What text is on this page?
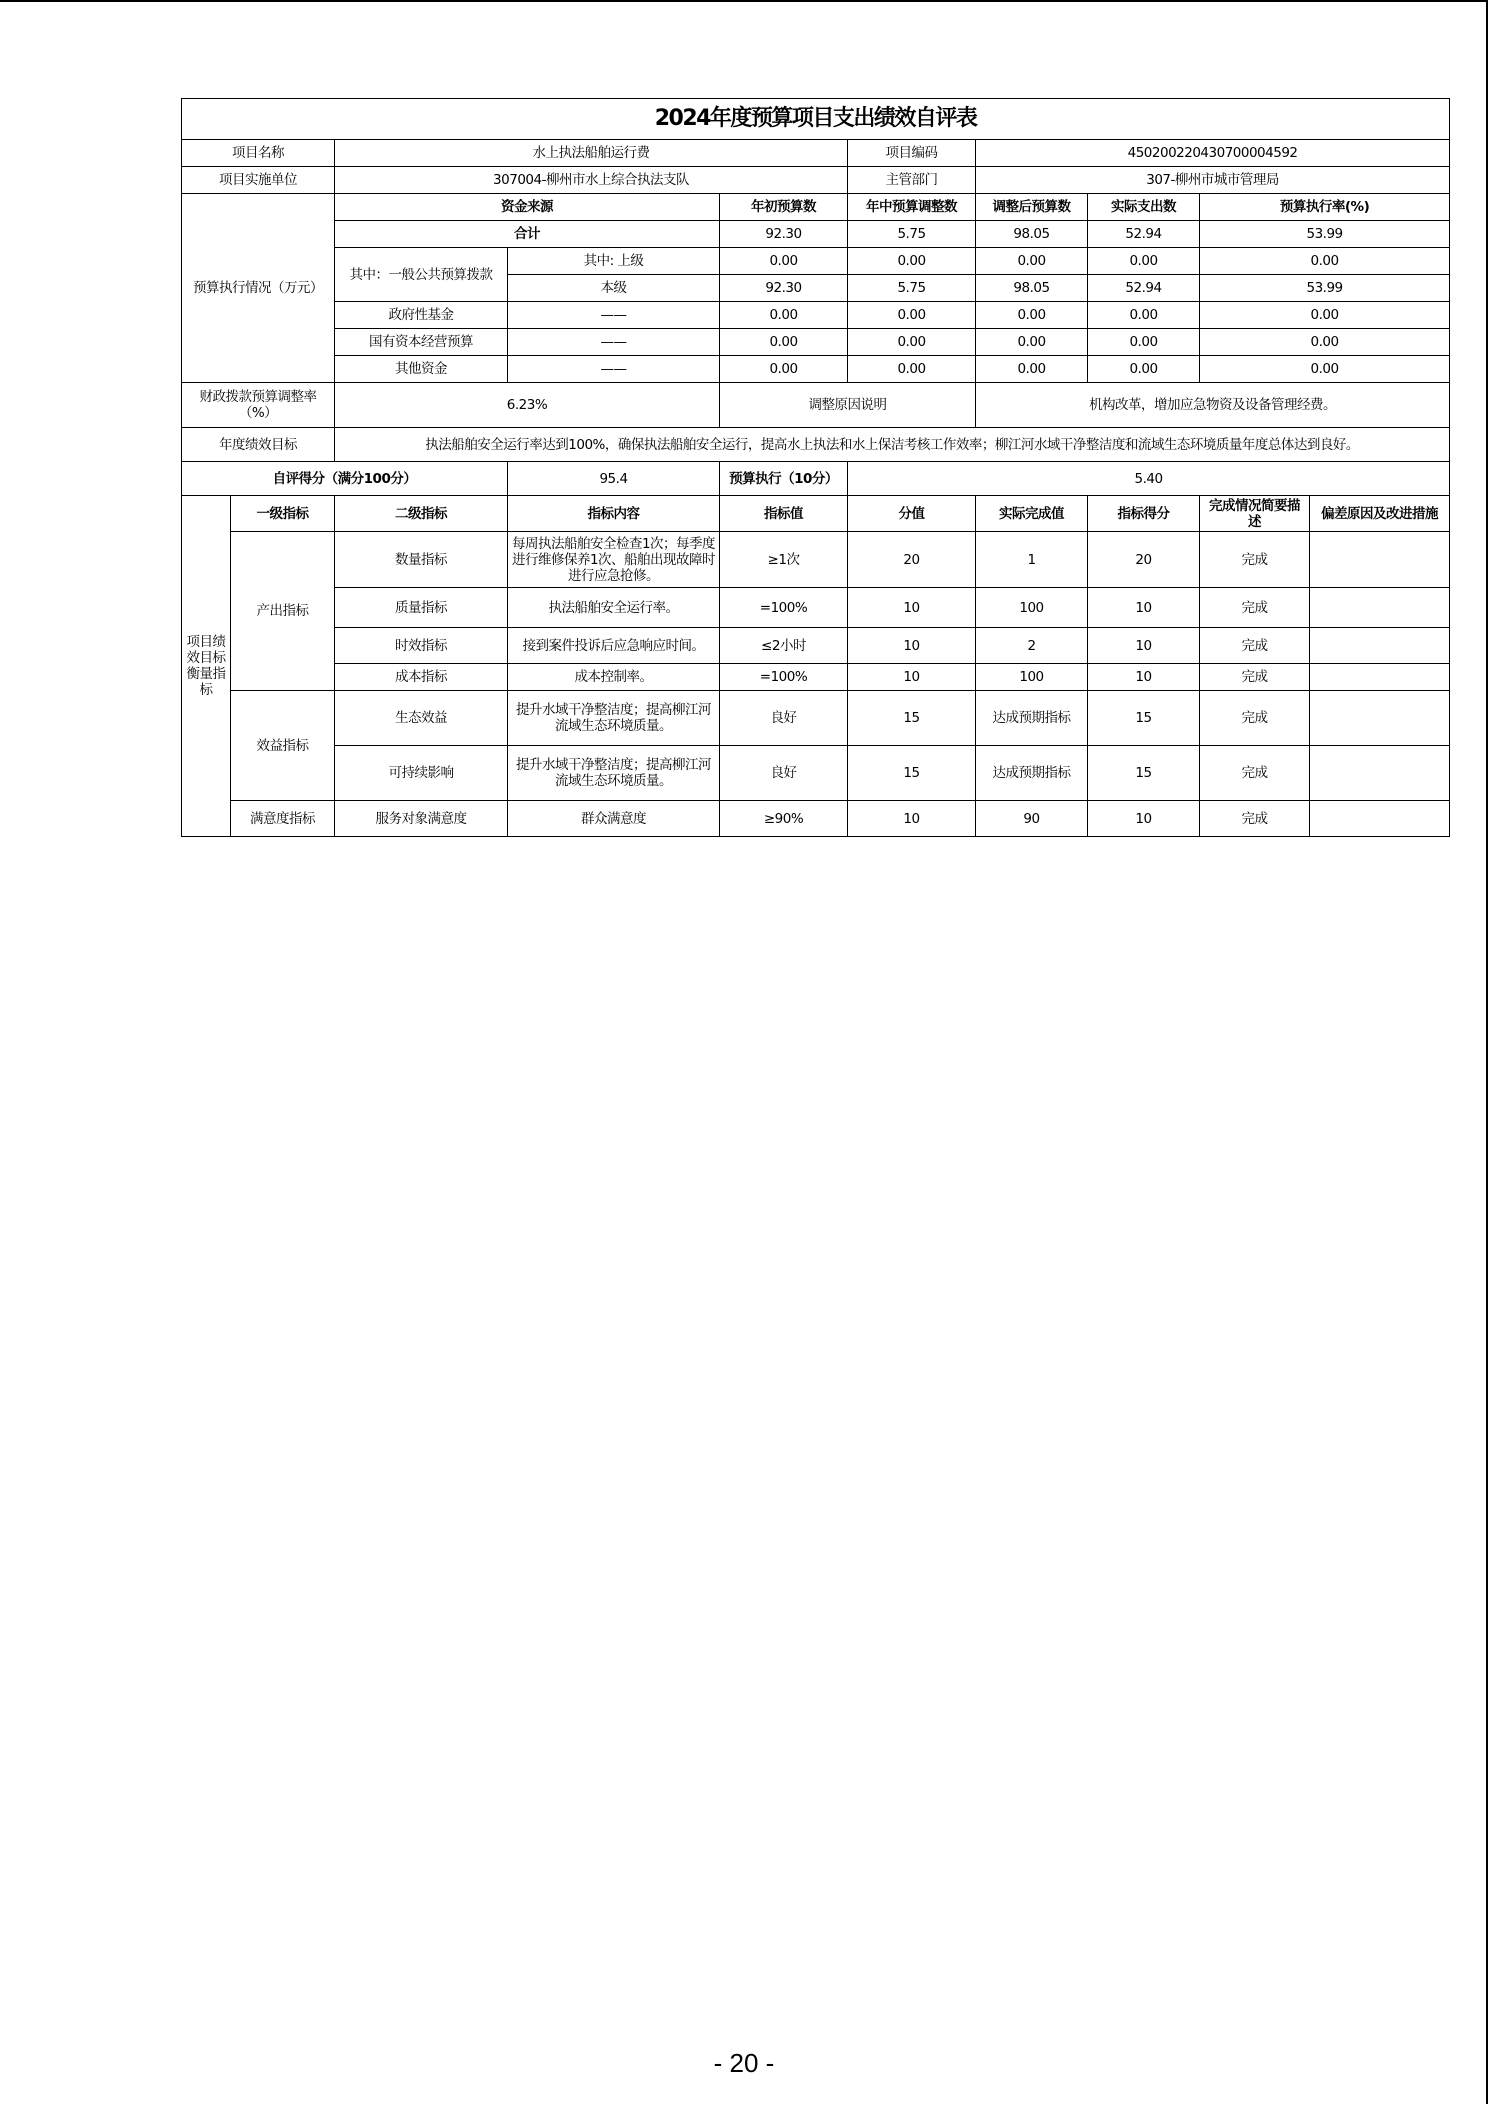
2024年度预算项目支出绩效自评表									
项目名称		水上执法船舶运行费			项目编码	450200220430700004592			
项目实施单位		307004-柳州市水上综合执法支队			主管部门	307-柳州市城市管理局			
预算执行情况（万元）		资金来源		年初预算数	年中预算调整数	调整后预算数	实际支出数	预算执行率(%)	
		合计		92.30	5.75	98.05	52.94	53.99	
		其中：一般公共预算拨款	其中: 上级	0.00	0.00	0.00	0.00	0.00	
			本级	92.30	5.75	98.05	52.94	53.99	
		政府性基金	——	0.00	0.00	0.00	0.00	0.00	
		国有资本经营预算	——	0.00	0.00	0.00	0.00	0.00	
		其他资金	——	0.00	0.00	0.00	0.00	0.00	
财政拨款预算调整率（%）		6.23%		调整原因说明		机构改革，增加应急物资及设备管理经费。			
年度绩效目标		执法船舶安全运行率达到100%，确保执法船舶安全运行，提高水上执法和水上保洁考核工作效率；柳江河水域干净整洁度和流域生态环境质量年度总体达到良好。							
自评得分（满分100分）			95.4	预算执行（10分）	5.40				
项目绩效目标衡量指标	一级指标	二级指标	指标内容	指标值	分值	实际完成值	指标得分	完成情况简要描述	偏差原因及改进措施
	产出指标	数量指标	每周执法船舶安全检查1次；每季度进行维修保养1次、船舶出现故障时进行应急抢修。	≥1次	20	1	20	完成	
		质量指标	执法船舶安全运行率。	=100%	10	100	10	完成	
		时效指标	接到案件投诉后应急响应时间。	≤2小时	10	2	10	完成	
		成本指标	成本控制率。	=100%	10	100	10	完成	
	效益指标	生态效益	提升水域干净整洁度；提高柳江河流域生态环境质量。	良好	15	达成预期指标	15	完成	
		可持续影响	提升水域干净整洁度；提高柳江河流域生态环境质量。	良好	15	达成预期指标	15	完成	
	满意度指标	服务对象满意度	群众满意度	≥90%	10	90	10	完成	
- 20 -
